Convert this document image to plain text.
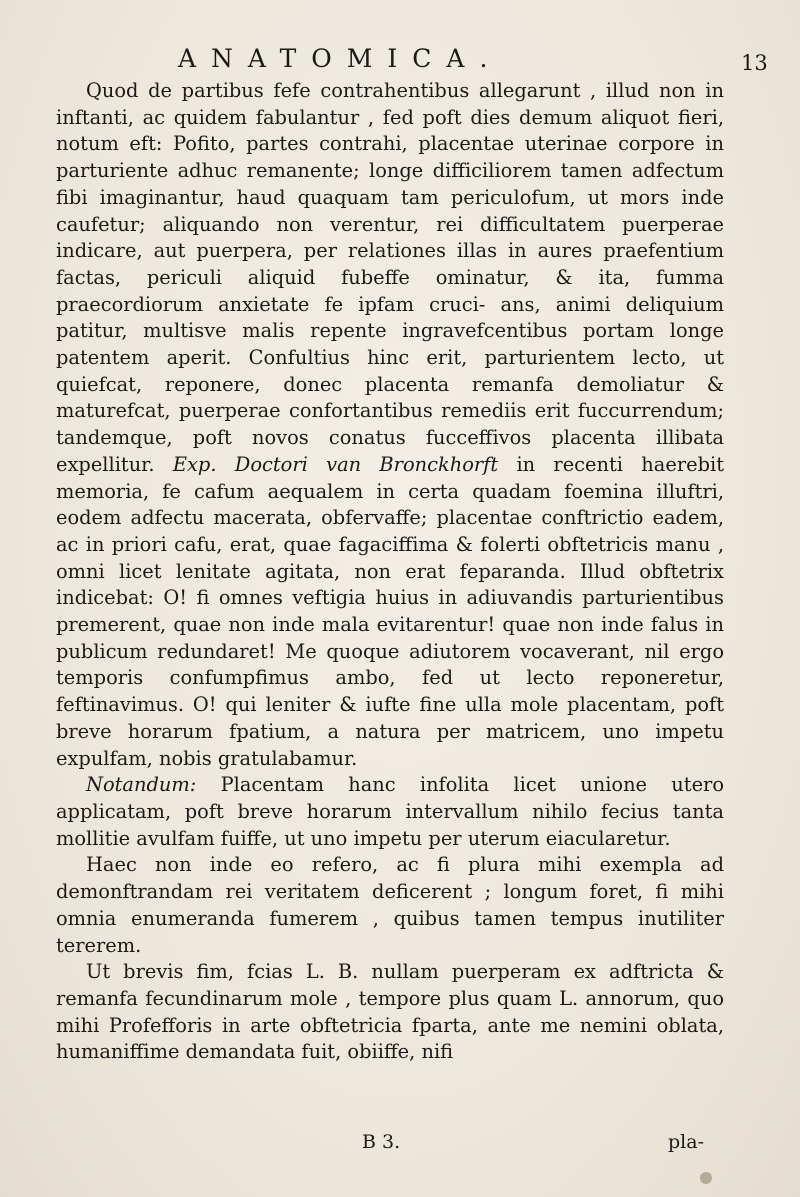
ANATOMICA.	13

Quod de partibus fefe contrahentibus allegarunt , illud non in inftanti, ac quidem fabulantur , fed poft dies demum aliquot fieri, notum eft: Pofito, partes contrahi, placentae uterinae corpore in parturiente adhuc remanente; longe difficiliorem tamen adfectum fibi imaginantur, haud quaquam tam periculofum, ut mors inde caufetur; aliquando non verentur, rei difficultatem puerperae indicare, aut puerpera, per relationes illas in aures praefentium factas, periculi aliquid fubeffe ominatur, & ita, fumma praecordiorum anxietate fe ipfam cruci- ans, animi deliquium patitur, multisve malis repente ingravefcentibus portam longe patentem aperit. Confultius hinc erit, parturientem lecto, ut quiefcat, reponere, donec placenta remanfa demoliatur & maturefcat, puerperae confortantibus remediis erit fuccurrendum; tandemque, poft novos conatus fucceffivos placenta illibata expellitur. Exp. Doctori van Bronckhorft in recenti haerebit memoria, fe cafum aequalem in certa quadam foemina illuftri, eodem adfectu macerata, obfervaffe; placentae conftrictio eadem, ac in priori cafu, erat, quae fagaciffima & folerti obftetricis manu , omni licet lenitate agitata, non erat feparanda. Illud obftetrix indicebat: O! fi omnes veftigia huius in adiuvandis parturientibus premerent, quae non inde mala evitarentur! quae non inde falus in publicum redundaret! Me quoque adiutorem vocaverant, nil ergo temporis confumpfimus ambo, fed ut lecto reponeretur, feftinavimus. O! qui leniter & iufte fine ulla mole placentam, poft breve horarum fpatium, a natura per matricem, uno impetu expulfam, nobis gratulabamur.

Notandum: Placentam hanc infolita licet unione utero applicatam, poft breve horarum intervallum nihilo fecius tanta mollitie avulfam fuiffe, ut uno impetu per uterum eiacularetur.

Haec non inde eo refero, ac fi plura mihi exempla ad demonftrandam rei veritatem deficerent ; longum foret, fi mihi omnia enumeranda fumerem , quibus tamen tempus inutiliter tererem.

Ut brevis fim, fcias L. B. nullam puerperam ex adftricta & remanfa fecundinarum mole , tempore plus quam L. annorum, quo mihi Profefforis in arte obftetricia fparta, ante me nemini oblata, humaniffime demandata fuit, obiiffe, nifi

B 3.	pla-
